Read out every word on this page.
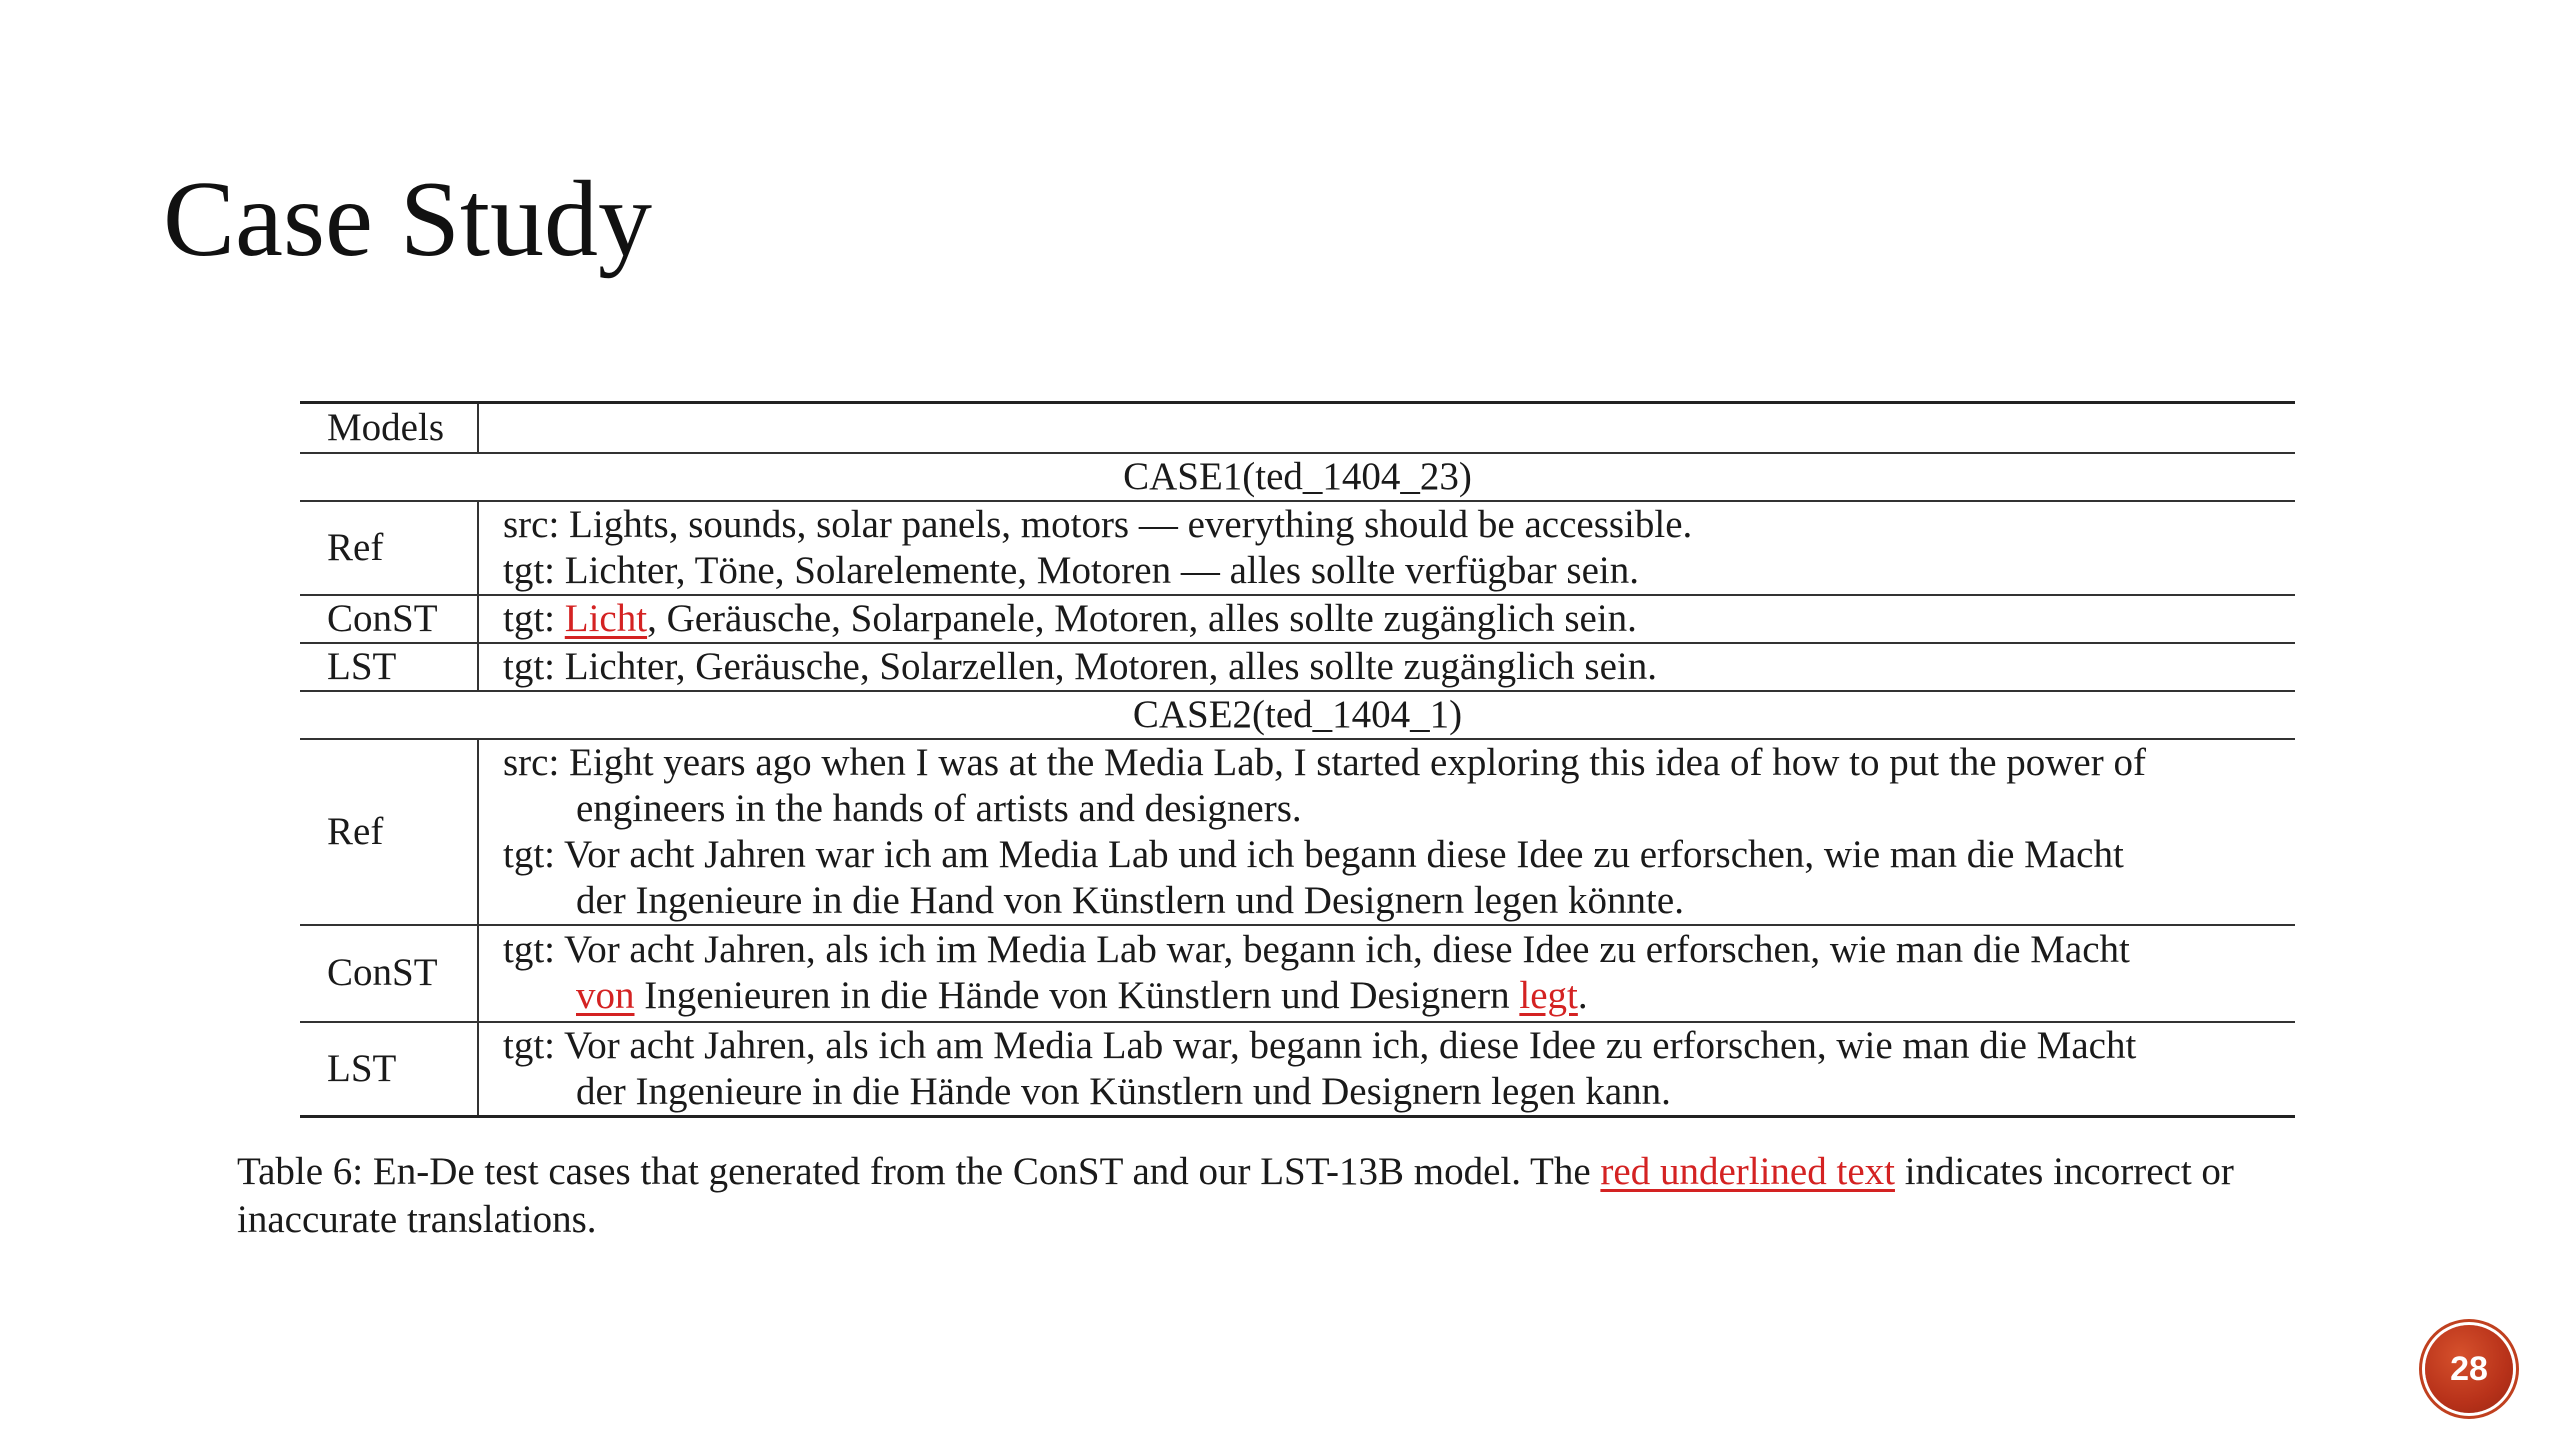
Case Study
Models	
CASE1(ted_1404_23)	
Ref	src: Lights, sounds, solar panels, motors — everything should be accessible.
tgt: Lichter, Töne, Solarelemente, Motoren — alles sollte verfügbar sein.

ConST	tgt: Licht, Geräusche, Solarpanele, Motoren, alles sollte zugänglich sein.

LST	tgt: Lichter, Geräusche, Solarzellen, Motoren, alles sollte zugänglich sein.

CASE2(ted_1404_1)	
Ref	src: Eight years ago when I was at the Media Lab, I started exploring this idea of how to put the power of
engineers in the hands of artists and designers.
tgt: Vor acht Jahren war ich am Media Lab und ich begann diese Idee zu erforschen, wie man die Macht
der Ingenieure in die Hand von Künstlern und Designern legen könnte.

ConST	tgt: Vor acht Jahren, als ich im Media Lab war, begann ich, diese Idee zu erforschen, wie man die Macht
von Ingenieuren in die Hände von Künstlern und Designern legt.

LST	tgt: Vor acht Jahren, als ich am Media Lab war, begann ich, diese Idee zu erforschen, wie man die Macht
der Ingenieure in die Hände von Künstlern und Designern legen kann.
Table 6: En-De test cases that generated from the ConST and our LST-13B model. The red underlined text indicates incorrect or inaccurate translations.
28
